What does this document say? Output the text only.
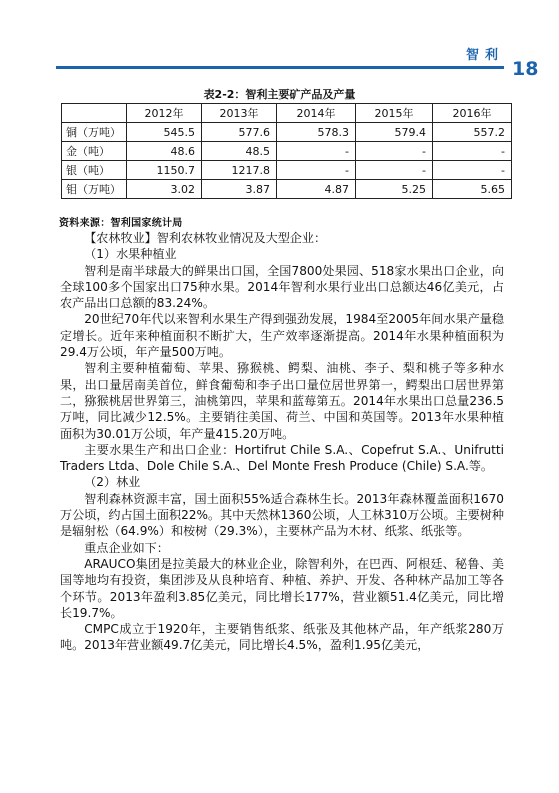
智利
18
表2-2：智利主要矿产品及产量
	2012年	2013年	2014年	2015年	2016年
铜（万吨）	545.5	577.6	578.3	579.4	557.2
金（吨）	48.6	48.5	-	-	-
银（吨）	1150.7	1217.8	-	-	-
钼（万吨）	3.02	3.87	4.87	5.25	5.65
资料来源：智利国家统计局

【农林牧业】智利农林牧业情况及大型企业：

（1）水果种植业

智利是南半球最大的鲜果出口国，全国7800处果园、518家水果出口企业，向全球100多个国家出口75种水果。2014年智利水果行业出口总额达46亿美元，占农产品出口总额的83.24%。

20世纪70年代以来智利水果生产得到强劲发展，1984至2005年间水果产量稳定增长。近年来种植面积不断扩大，生产效率逐渐提高。2014年水果种植面积为29.4万公顷，年产量500万吨。

智利主要种植葡萄、苹果、猕猴桃、鳄梨、油桃、李子、梨和桃子等多种水果，出口量居南美首位，鲜食葡萄和李子出口量位居世界第一，鳄梨出口居世界第二，猕猴桃居世界第三，油桃第四，苹果和蓝莓第五。2014年水果出口总量236.5万吨，同比减少12.5%。主要销往美国、荷兰、中国和英国等。2013年水果种植面积为30.01万公顷，年产量415.20万吨。

主要水果生产和出口企业：Hortifrut Chile S.A.、Copefrut S.A.、Unifrutti Traders Ltda、Dole Chile S.A.、Del Monte Fresh Produce (Chile) S.A.等。

（2）林业

智利森林资源丰富，国土面积55%适合森林生长。2013年森林覆盖面积1670万公顷，约占国土面积22%。其中天然林1360公顷，人工林310万公顷。主要树种是辐射松（64.9%）和桉树（29.3%），主要林产品为木材、纸浆、纸张等。

重点企业如下：

ARAUCO集团是拉美最大的林业企业，除智利外，在巴西、阿根廷、秘鲁、美国等地均有投资，集团涉及从良种培育、种植、养护、开发、各种林产品加工等各个环节。2013年盈利3.85亿美元，同比增长177%，营业额51.4亿美元，同比增长19.7%。

CMPC成立于1920年，主要销售纸浆、纸张及其他林产品，年产纸浆280万吨。2013年营业额49.7亿美元，同比增长4.5%，盈利1.95亿美元，
